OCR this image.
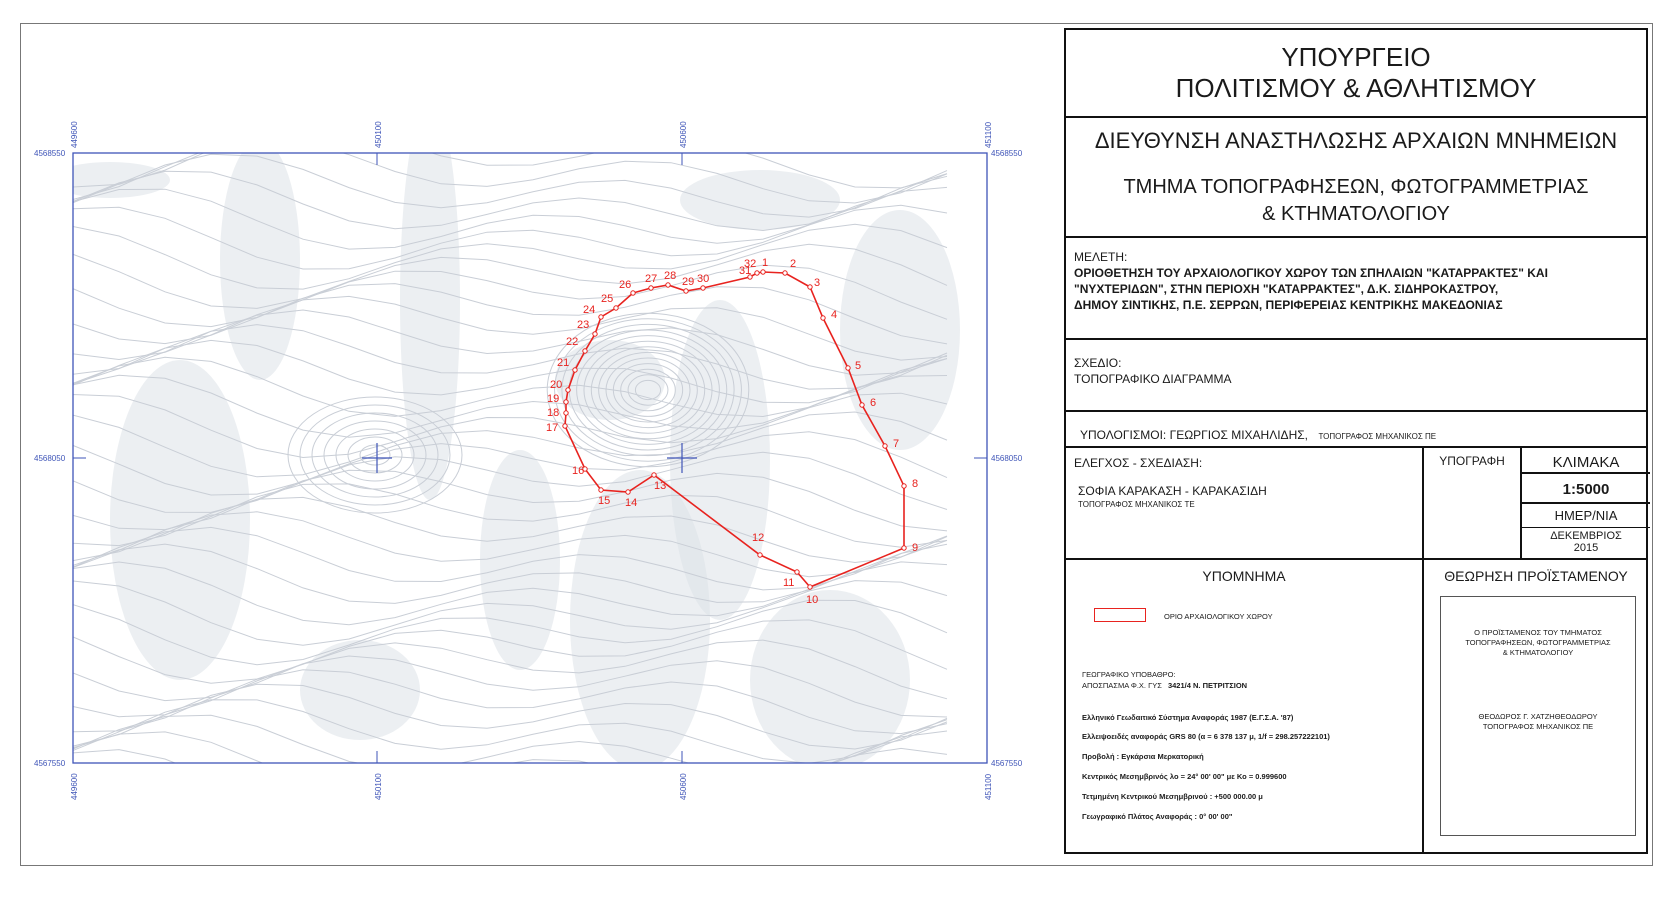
449600
449600
450100
450100
450600
450600
451100
451100
4568550	4568550
4568050	4568050
4567550	4567550
1 2
3
4
5
6
7
8
9
10
11
12
13
14
15
16
17
18
19
20
21
22
23
24
25
26 27 28 29 30
31
32
ΥΠΟΥΡΓΕΙΟ
ΠΟΛΙΤΙΣΜΟΥ & ΑΘΛΗΤΙΣΜΟΥ
ΔΙΕΥΘΥΝΣΗ ΑΝΑΣΤΗΛΩΣΗΣ ΑΡΧΑΙΩΝ ΜΝΗΜΕΙΩΝ
ΤΜΗΜΑ ΤΟΠΟΓΡΑΦΗΣΕΩΝ, ΦΩΤΟΓΡΑΜΜΕΤΡΙΑΣ
& ΚΤΗΜΑΤΟΛΟΓΙΟΥ
ΜΕΛΕΤΗ:
ΟΡΙΟΘΕΤΗΣΗ ΤΟΥ ΑΡΧΑΙΟΛΟΓΙΚΟΥ ΧΩΡΟΥ ΤΩΝ ΣΠΗΛΑΙΩΝ "ΚΑΤΑΡΡΑΚΤΕΣ" ΚΑΙ
"ΝΥΧΤΕΡΙΔΩΝ", ΣΤΗΝ ΠΕΡΙΟΧΗ "ΚΑΤΑΡΡΑΚΤΕΣ", Δ.Κ. ΣΙΔΗΡΟΚΑΣΤΡΟΥ,
ΔΗΜΟΥ ΣΙΝΤΙΚΗΣ, Π.Ε. ΣΕΡΡΩΝ, ΠΕΡΙΦΕΡΕΙΑΣ ΚΕΝΤΡΙΚΗΣ ΜΑΚΕΔΟΝΙΑΣ
ΣΧΕΔΙΟ:
ΤΟΠΟΓΡΑΦΙΚΟ ΔΙΑΓΡΑΜΜΑ
ΥΠΟΛΟΓΙΣΜΟΙ: ΓΕΩΡΓΙΟΣ ΜΙΧΑΗΛΙΔΗΣ, ΤΟΠΟΓΡΑΦΟΣ ΜΗΧΑΝΙΚΟΣ ΠΕ
ΕΛΕΓΧΟΣ - ΣΧΕΔΙΑΣΗ:
ΣΟΦΙΑ ΚΑΡΑΚΑΣΗ - ΚΑΡΑΚΑΣΙΔΗ
ΤΟΠΟΓΡΑΦΟΣ ΜΗΧΑΝΙΚΟΣ ΤΕ
ΥΠΟΓΡΑΦΗ	ΚΛΙΜΑΚΑ
1:5000
ΗΜΕΡ/ΝΙΑ
ΔΕΚΕΜΒΡΙΟΣ
2015
ΥΠΟΜΝΗΜΑ
ΟΡΙΟ ΑΡΧΑΙΟΛΟΓΙΚΟΥ ΧΩΡΟΥ
ΓΕΩΓΡΑΦΙΚΟ ΥΠΟΒΑΘΡΟ:
ΑΠΟΣΠΑΣΜΑ Φ.Χ. ΓΥΣ 3421/4 Ν. ΠΕΤΡΙΤΣΙΟΝ
Ελληνικό Γεωδαιτικό Σύστημα Αναφοράς 1987 (Ε.Γ.Σ.Α. '87)
Ελλειψοειδές αναφοράς GRS 80 (α = 6 378 137 μ, 1/f = 298.257222101)
Προβολή : Εγκάρσια Μερκατορική
Κεντρικός Μεσημβρινός λο = 24° 00' 00" με Κο = 0.999600
Τετμημένη Κεντρικού Μεσημβρινού : +500 000.00 μ
Γεωγραφικό Πλάτος Αναφοράς : 0° 00' 00"
ΘΕΩΡΗΣΗ ΠΡΟΪΣΤΑΜΕΝΟΥ
Ο ΠΡΟΪΣΤΑΜΕΝΟΣ ΤΟΥ ΤΜΗΜΑΤΟΣ
ΤΟΠΟΓΡΑΦΗΣΕΩΝ, ΦΩΤΟΓΡΑΜΜΕΤΡΙΑΣ
& ΚΤΗΜΑΤΟΛΟΓΙΟΥ
ΘΕΟΔΩΡΟΣ Γ. ΧΑΤΖΗΘΕΟΔΩΡΟΥ
ΤΟΠΟΓΡΑΦΟΣ ΜΗΧΑΝΙΚΟΣ ΠΕ
